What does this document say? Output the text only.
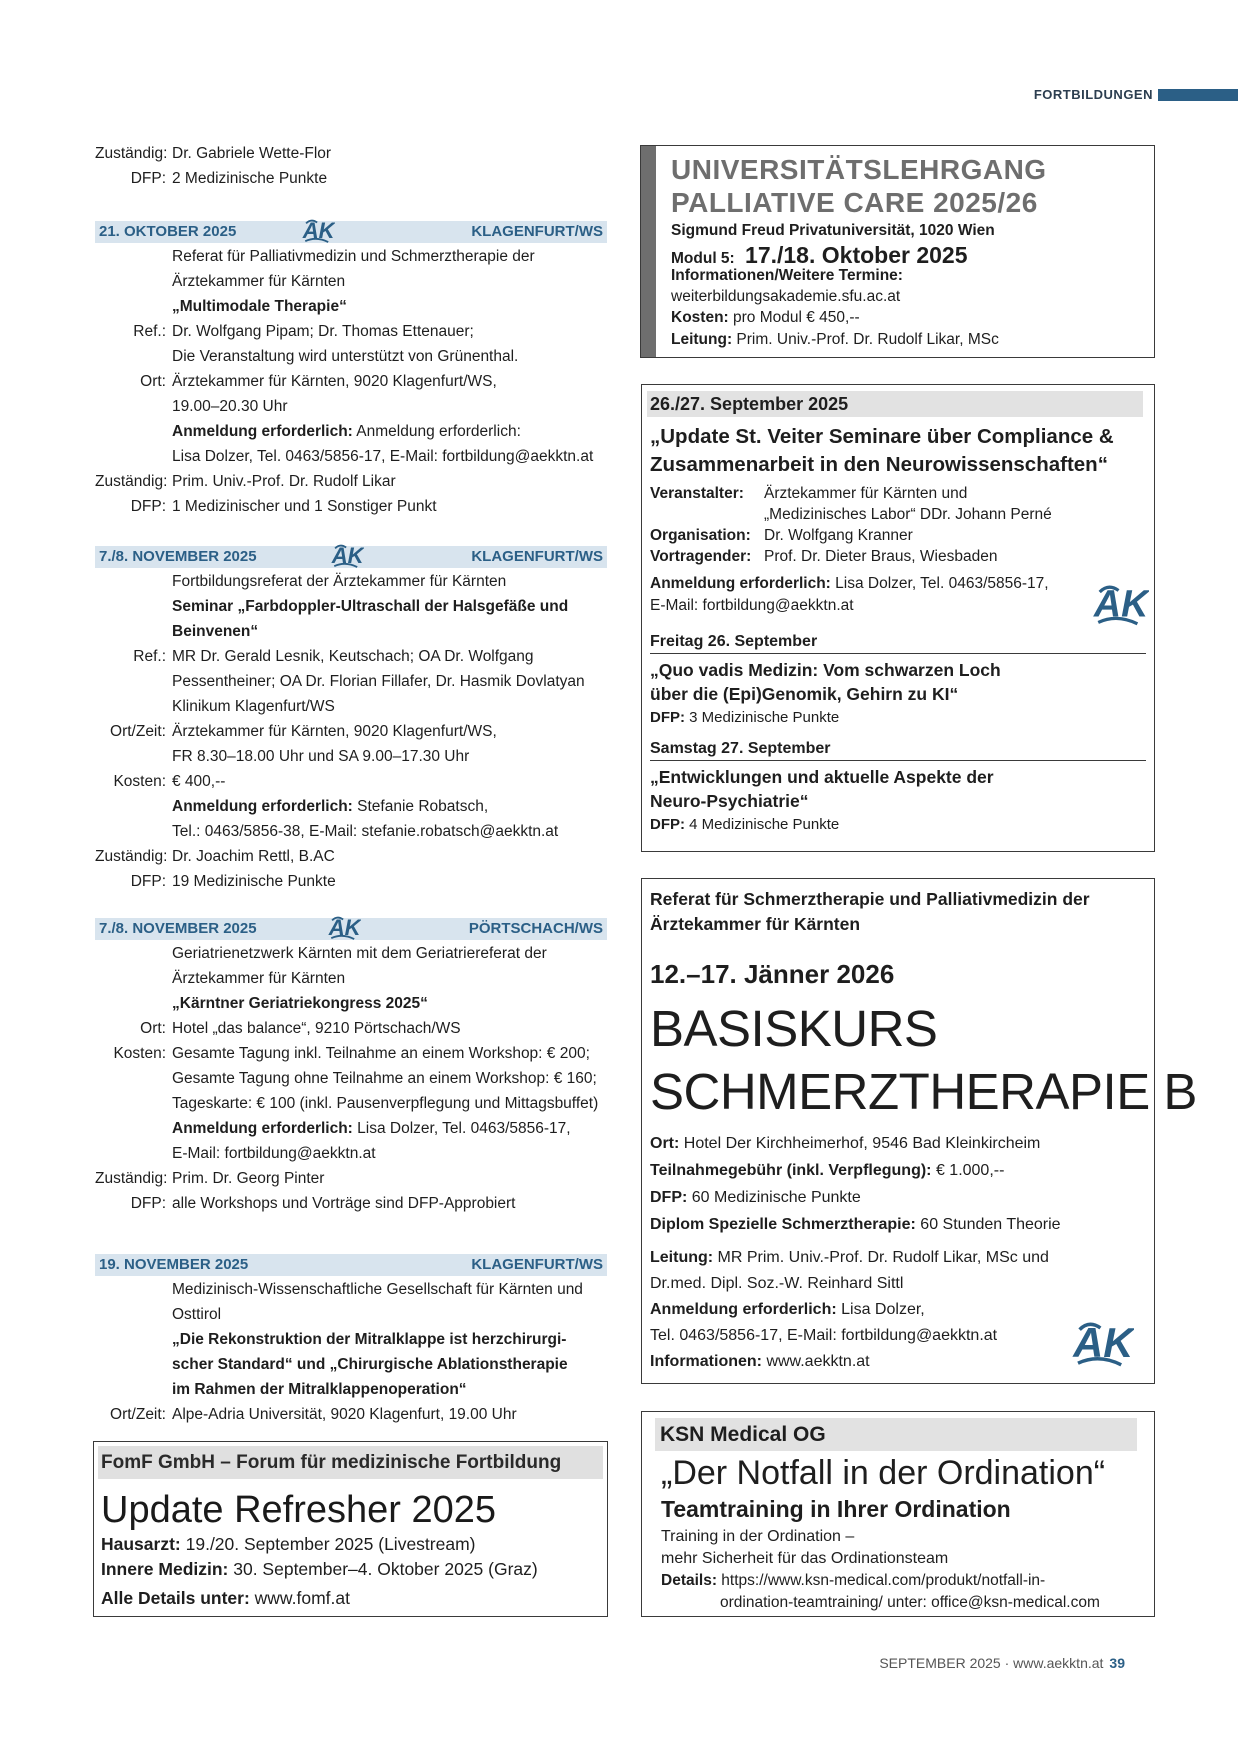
FORTBILDUNGEN
Zuständig: Dr. Gabriele Wette-Flor
DFP: 2 Medizinische Punkte
21. OKTOBER 2025	KLAGENFURT/WS
Referat für Palliativmedizin und Schmerztherapie der
Ärztekammer für Kärnten
„Multimodale Therapie“
Ref.: Dr. Wolfgang Pipam; Dr. Thomas Ettenauer;
Die Veranstaltung wird unterstützt von Grünenthal.
Ort: Ärztekammer für Kärnten, 9020 Klagenfurt/WS,
19.00–20.30 Uhr
Anmeldung erforderlich: Anmeldung erforderlich:
Lisa Dolzer, Tel. 0463/5856-17, E-Mail: fortbildung@aekktn.at
Zuständig: Prim. Univ.-Prof. Dr. Rudolf Likar
DFP: 1 Medizinischer und 1 Sonstiger Punkt
7./8. NOVEMBER 2025	KLAGENFURT/WS
Fortbildungsreferat der Ärztekammer für Kärnten
Seminar „Farbdoppler-Ultraschall der Halsgefäße und
Beinvenen“
Ref.: MR Dr. Gerald Lesnik, Keutschach; OA Dr. Wolfgang
Pessentheiner; OA Dr. Florian Fillafer, Dr. Hasmik Dovlatyan
Klinikum Klagenfurt/WS
Ort/Zeit: Ärztekammer für Kärnten, 9020 Klagenfurt/WS,
FR 8.30–18.00 Uhr und SA 9.00–17.30 Uhr
Kosten: € 400,--
Anmeldung erforderlich: Stefanie Robatsch,
Tel.: 0463/5856-38, E-Mail: stefanie.robatsch@aekktn.at
Zuständig: Dr. Joachim Rettl, B.AC
DFP: 19 Medizinische Punkte
7./8. NOVEMBER 2025	PÖRTSCHACH/WS
Geriatrienetzwerk Kärnten mit dem Geriatriereferat der
Ärztekammer für Kärnten
„Kärntner Geriatriekongress 2025“
Ort: Hotel „das balance“, 9210 Pörtschach/WS
Kosten: Gesamte Tagung inkl. Teilnahme an einem Workshop: € 200;
Gesamte Tagung ohne Teilnahme an einem Workshop: € 160;
Tageskarte: € 100 (inkl. Pausenverpflegung und Mittagsbuffet)
Anmeldung erforderlich: Lisa Dolzer, Tel. 0463/5856-17,
E-Mail: fortbildung@aekktn.at
Zuständig: Prim. Dr. Georg Pinter
DFP: alle Workshops und Vorträge sind DFP-Approbiert
19. NOVEMBER 2025	KLAGENFURT/WS
Medizinisch-Wissenschaftliche Gesellschaft für Kärnten und
Osttirol
„Die Rekonstruktion der Mitralklappe ist herzchirurgi-
scher Standard“ und „Chirurgische Ablationstherapie
im Rahmen der Mitralklappenoperation“
Ort/Zeit: Alpe-Adria Universität, 9020 Klagenfurt, 19.00 Uhr
FomF GmbH – Forum für medizinische Fortbildung
Update Refresher 2025
Hausarzt: 19./20. September 2025 (Livestream)
Innere Medizin: 30. September–4. Oktober 2025 (Graz)
Alle Details unter: www.fomf.at
UNIVERSITÄTSLEHRGANG
PALLIATIVE CARE 2025/26
Sigmund Freud Privatuniversität, 1020 Wien
Modul 5: 17./18. Oktober 2025
Informationen/Weitere Termine:
weiterbildungsakademie.sfu.ac.at
Kosten: pro Modul € 450,--
Leitung: Prim. Univ.-Prof. Dr. Rudolf Likar, MSc
26./27. September 2025
„Update St. Veiter Seminare über Compliance &
Zusammenarbeit in den Neurowissenschaften“
Veranstalter: Ärztekammer für Kärnten und
„Medizinisches Labor“ DDr. Johann Perné
Organisation: Dr. Wolfgang Kranner
Vortragender: Prof. Dr. Dieter Braus, Wiesbaden
Anmeldung erforderlich: Lisa Dolzer, Tel. 0463/5856-17,
E-Mail: fortbildung@aekktn.at
Freitag 26. September
„Quo vadis Medizin: Vom schwarzen Loch
über die (Epi)Genomik, Gehirn zu KI“
DFP: 3 Medizinische Punkte
Samstag 27. September
„Entwicklungen und aktuelle Aspekte der
Neuro-Psychiatrie“
DFP: 4 Medizinische Punkte
Referat für Schmerztherapie und Palliativmedizin der
Ärztekammer für Kärnten
12.–17. Jänner 2026
BASISKURS
SCHMERZTHERAPIE B
Ort: Hotel Der Kirchheimerhof, 9546 Bad Kleinkircheim
Teilnahmegebühr (inkl. Verpflegung): € 1.000,--
DFP: 60 Medizinische Punkte
Diplom Spezielle Schmerztherapie: 60 Stunden Theorie
Leitung: MR Prim. Univ.-Prof. Dr. Rudolf Likar, MSc und
Dr.med. Dipl. Soz.-W. Reinhard Sittl
Anmeldung erforderlich: Lisa Dolzer,
Tel. 0463/5856-17, E-Mail: fortbildung@aekktn.at
Informationen: www.aekktn.at
KSN Medical OG
„Der Notfall in der Ordination“
Teamtraining in Ihrer Ordination
Training in der Ordination –
mehr Sicherheit für das Ordinationsteam
Details: https://www.ksn-medical.com/produkt/notfall-in-
ordination-teamtraining/ unter: office@ksn-medical.com
SEPTEMBER 2025 · www.aekktn.at 39
